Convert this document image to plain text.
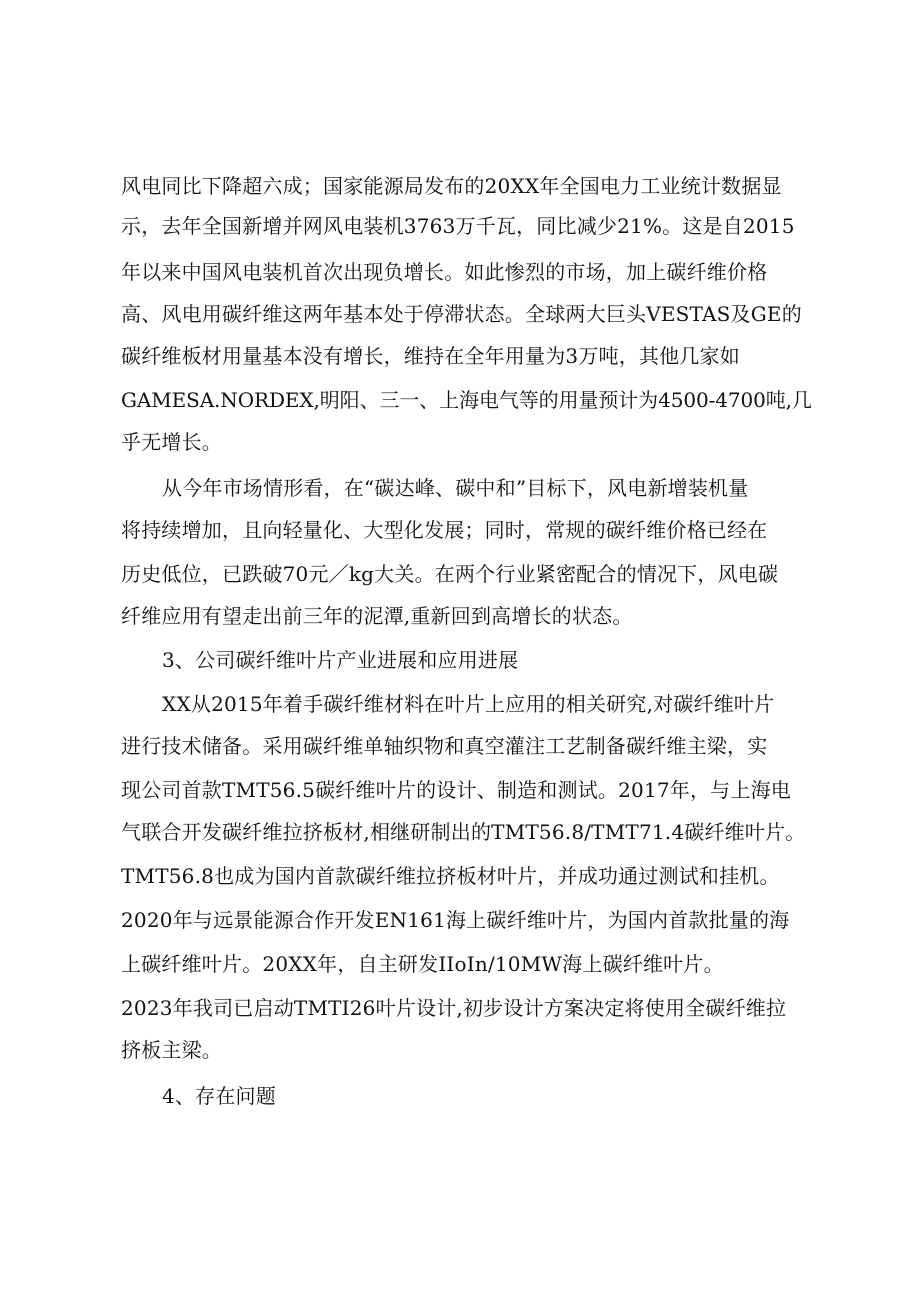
风电同比下降超六成；国家能源局发布的20XX年全国电力工业统计数据显
示，去年全国新增并网风电装机3763万千瓦，同比减少21%。这是自2015
年以来中国风电装机首次出现负增长。如此惨烈的市场，加上碳纤维价格
高、风电用碳纤维这两年基本处于停滞状态。全球两大巨头VESTAS及GE的
碳纤维板材用量基本没有增长，维持在全年用量为3万吨，其他几家如
GAMESA.NORDEX,明阳、三一、上海电气等的用量预计为4500-4700吨,几
乎无增长。
从今年市场情形看，在“碳达峰、碳中和”目标下，风电新增装机量
将持续增加，且向轻量化、大型化发展；同时，常规的碳纤维价格已经在
历史低位，已跌破70元／kg大关。在两个行业紧密配合的情况下，风电碳
纤维应用有望走出前三年的泥潭,重新回到高增长的状态。
3、公司碳纤维叶片产业进展和应用进展
XX从2015年着手碳纤维材料在叶片上应用的相关研究,对碳纤维叶片
进行技术储备。采用碳纤维单轴织物和真空灌注工艺制备碳纤维主梁，实
现公司首款TMT56.5碳纤维叶片的设计、制造和测试。2017年，与上海电
气联合开发碳纤维拉挤板材,相继研制出的TMT56.8/TMT71.4碳纤维叶片。
TMT56.8也成为国内首款碳纤维拉挤板材叶片，并成功通过测试和挂机。
2020年与远景能源合作开发EN161海上碳纤维叶片，为国内首款批量的海
上碳纤维叶片。20XX年，自主研发IIoIn/10MW海上碳纤维叶片。
2023年我司已启动TMTI26叶片设计,初步设计方案决定将使用全碳纤维拉
挤板主梁。
4、存在问题
